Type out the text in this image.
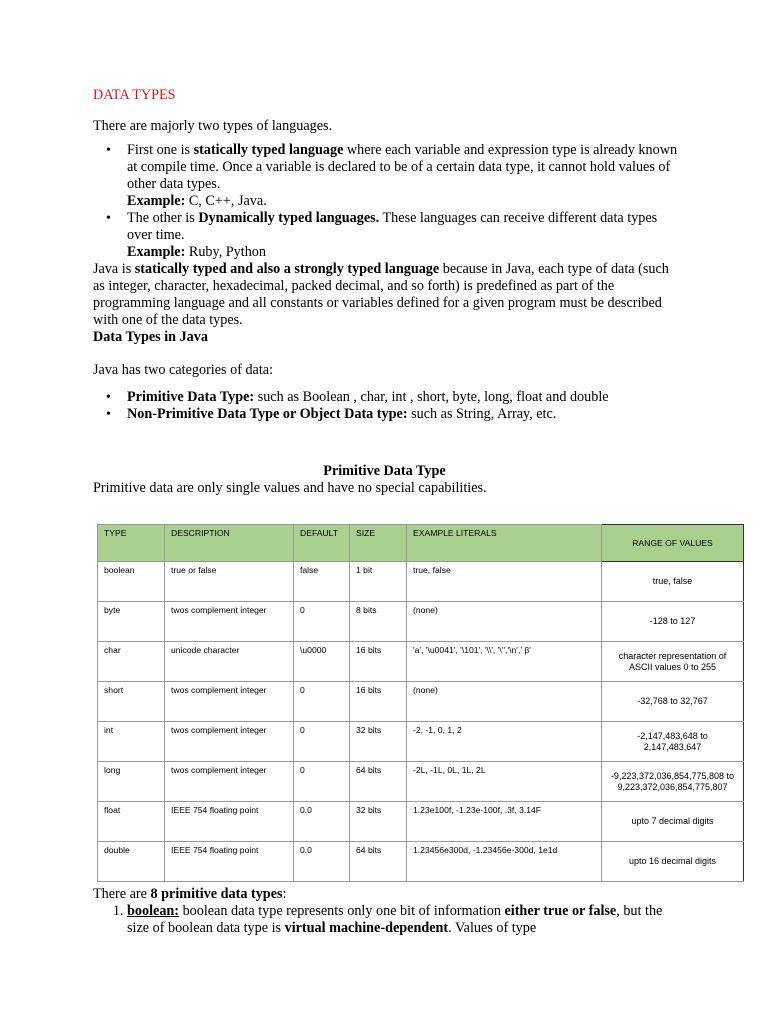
DATA TYPES

There are majorly two types of languages.

• First one is statically typed language where each variable and expression type is already known at compile time. Once a variable is declared to be of a certain data type, it cannot hold values of other data types.
Example: C, C++, Java.
• The other is Dynamically typed languages. These languages can receive different data types over time.
Example: Ruby, Python

Java is statically typed and also a strongly typed language because in Java, each type of data (such as integer, character, hexadecimal, packed decimal, and so forth) is predefined as part of the programming language and all constants or variables defined for a given program must be described with one of the data types.

Data Types in Java

Java has two categories of data:

• Primitive Data Type: such as Boolean , char, int , short, byte, long, float and double
• Non-Primitive Data Type or Object Data type: such as String, Array, etc.

Primitive Data Type

Primitive data are only single values and have no special capabilities.

TYPE	DESCRIPTION	DEFAULT	SIZE	EXAMPLE LITERALS	RANGE OF VALUES
boolean	true or false	false	1 bit	true, false	true, false
byte	twos complement integer	0	8 bits	(none)	-128 to 127
char	unicode character	\u0000	16 bits	'a', '\u0041', '\101', '\\', '\'','\n',' β'	character representation of ASCII values 0 to 255
short	twos complement integer	0	16 bits	(none)	-32,768 to 32,767
int	twos complement integer	0	32 bits	-2, -1, 0, 1, 2	-2,147,483,648 to 2,147,483,647
long	twos complement integer	0	64 bits	-2L, -1L, 0L, 1L, 2L	-9,223,372,036,854,775,808 to 9,223,372,036,854,775,807
float	IEEE 754 floating point	0.0	32 bits	1.23e100f, -1.23e-100f, .3f, 3.14F	upto 7 decimal digits
double	IEEE 754 floating point	0.0	64 bits	1.23456e300d, -1.23456e-300d, 1e1d	upto 16 decimal digits

There are 8 primitive data types:

1. boolean: boolean data type represents only one bit of information either true or false, but the size of boolean data type is virtual machine-dependent. Values of type
